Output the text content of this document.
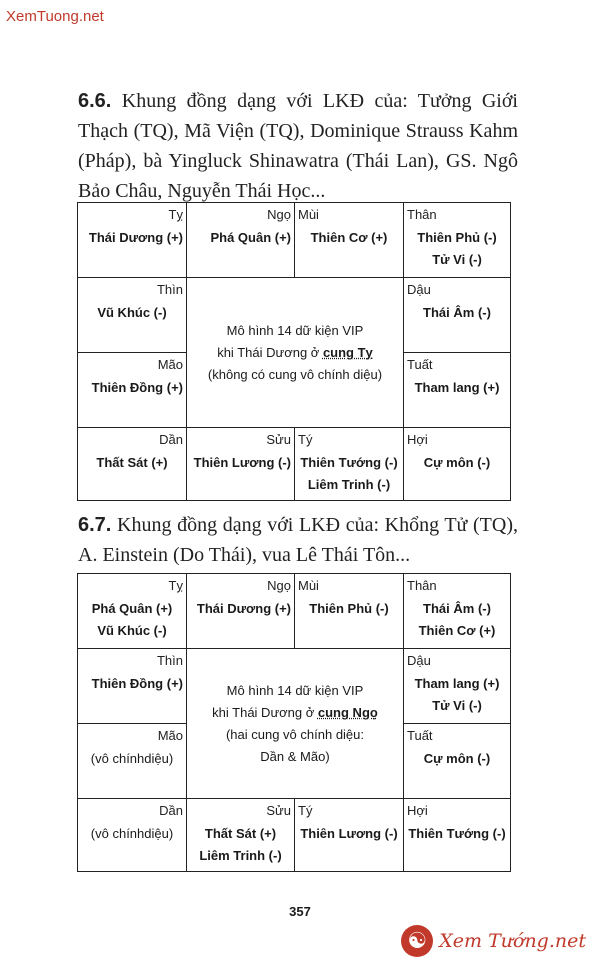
XemTuong.net
6.6. Khung đồng dạng với LKĐ của: Tưởng Giới Thạch (TQ), Mã Viện (TQ), Dominique Strauss Kahm (Pháp), bà Yingluck Shinawatra (Thái Lan), GS. Ngô Bảo Châu, Nguyễn Thái Học...
Tỵ
Thái Dương (+)
Ngọ
Phá Quân (+)
Mùi
Thiên Cơ (+)
Thân
Thiên Phủ (-)
Tử Vi (-)
Thìn
Vũ Khúc (-)
Dậu
Thái Âm (-)
Mão
Thiên Đồng (+)
Tuất
Tham lang (+)
Mô hình 14 dữ kiện VIP
khi Thái Dương ở cung Tỵ
(không có cung vô chính diệu)
Dần
Thất Sát (+)
Sửu
Thiên Lương (-)
Tý
Thiên Tướng (-)
Liêm Trinh (-)
Hợi
Cự môn (-)
6.7. Khung đồng dạng với LKĐ của: Khổng Tử (TQ), A. Einstein (Do Thái), vua Lê Thái Tôn...
Tỵ
Phá Quân (+)
Vũ Khúc (-)
Ngọ
Thái Dương (+)
Mùi
Thiên Phủ (-)
Thân
Thái Âm (-)
Thiên Cơ (+)
Thìn
Thiên Đồng (+)
Dậu
Tham lang (+)
Tử Vi (-)
Mão
(vô chínhdiệu)
Tuất
Cự môn (-)
Mô hình 14 dữ kiện VIP
khi Thái Dương ở cung Ngọ
(hai cung vô chính diệu:
Dần & Mão)
Dần
(vô chínhdiệu)
Sửu
Thất Sát (+)
Liêm Trinh (-)
Tý
Thiên Lương (-)
Hợi
Thiên Tướng (-)
357
☯ Xem Tướng.net
